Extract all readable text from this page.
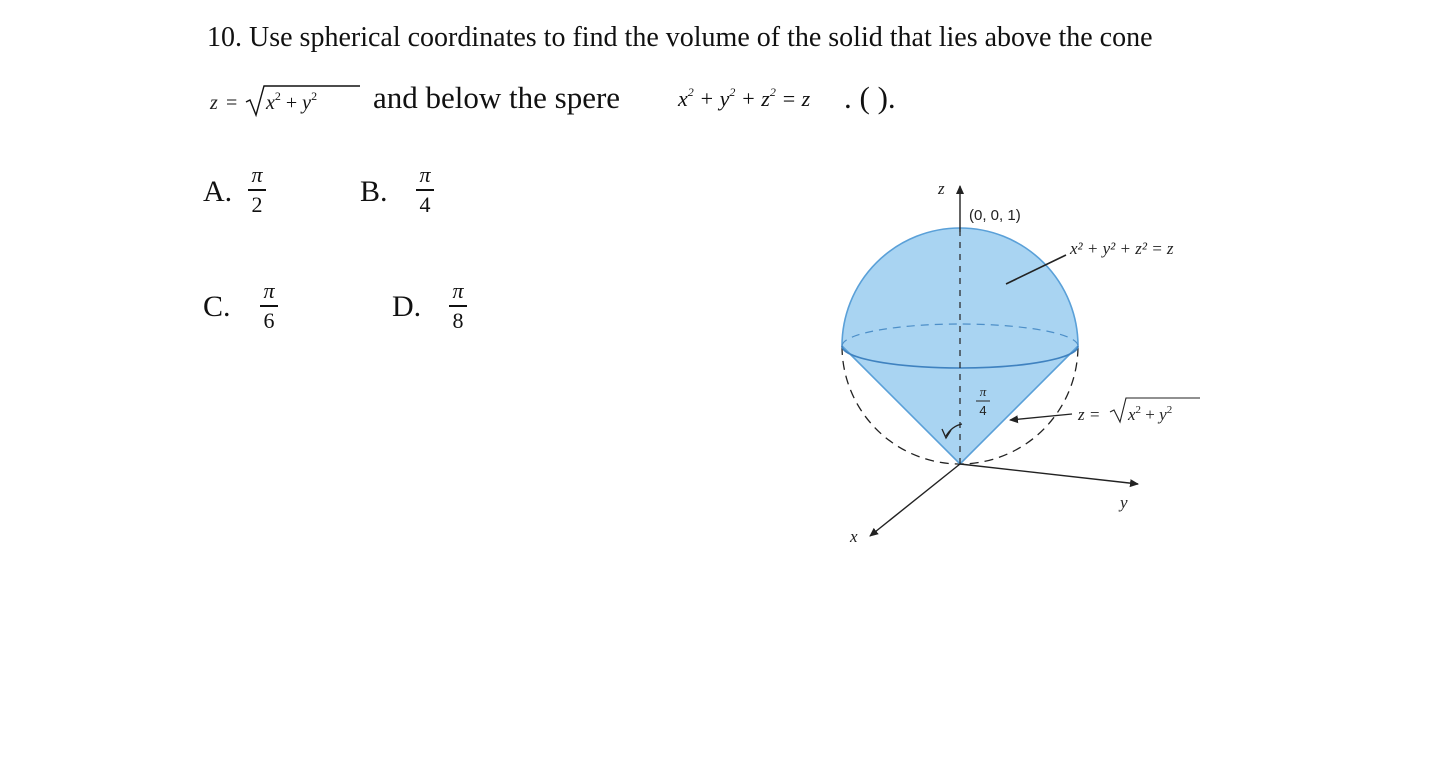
10. Use spherical coordinates to find the volume of the solid that lies above the cone
$z = x^2 + y^2$ and below the spere	$x^2 + y^2 + z^2 = z$ . ( ).
A.
π
2	B.
π
4
C. π
6	D. π
8
z
y
x
(0, 0, 1)
x² + y² + z² = z
$z = x^2 + y^2$
π
4
